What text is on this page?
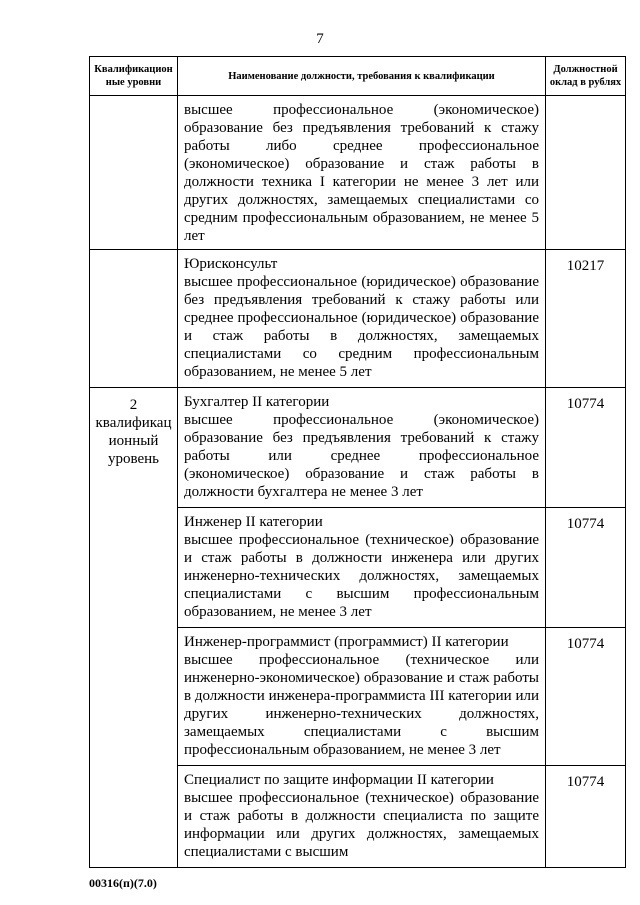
7
Квалификацион ные уровни	Наименование должности, требования к квалификации	Должностной оклад в рублях

	высшее профессиональное (экономическое) образование без предъявления требований к стажу работы либо среднее профессиональное (экономическое) образование и стаж работы в должности техника I категории не менее 3 лет или других должностях, замещаемых специалистами со средним профессиональным образованием, не менее 5 лет	

	Юрисконсульт
высшее профессиональное (юридическое) образование без предъявления требований к стажу работы или среднее профессиональное (юридическое) образование и стаж работы в должностях, замещаемых специалистами со средним профессиональным образованием, не менее 5 лет	10217
2 квалификац ионный уровень	Бухгалтер II категории
высшее профессиональное (экономическое) образование без предъявления требований к стажу работы или среднее профессиональное (экономическое) образование и стаж работы в должности бухгалтера не менее 3 лет	10774

	Инженер II категории
высшее профессиональное (техническое) образование и стаж работы в должности инженера или других инженерно-технических должностях, замещаемых специалистами с высшим профессиональным образованием, не менее 3 лет	10774

	Инженер-программист (программист) II категории
высшее профессиональное (техническое или инженерно-экономическое) образование и стаж работы в должности инженера-программиста III категории или других инженерно-технических должностях, замещаемых специалистами с высшим профессиональным образованием, не менее 3 лет	10774

	Специалист по защите информации II категории
высшее профессиональное (техническое) образование и стаж работы в должности специалиста по защите информации или других должностях, замещаемых специалистами с высшим	10774
00316(п)(7.0)
